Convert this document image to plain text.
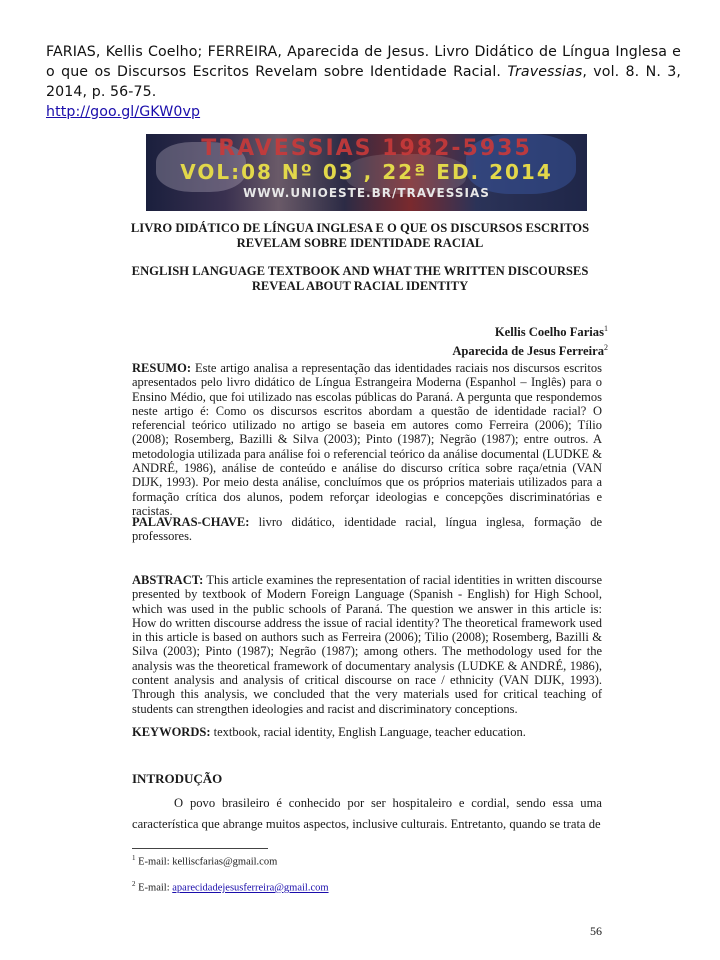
FARIAS, Kellis Coelho; FERREIRA, Aparecida de Jesus. Livro Didático de Língua Inglesa e o que os Discursos Escritos Revelam sobre Identidade Racial. Travessias, vol. 8. N. 3, 2014, p. 56-75.
http://goo.gl/GKW0vp
TRAVESSIAS 1982-5935
VOL:08 Nº 03 , 22ª ED. 2014
WWW.UNIOESTE.BR/TRAVESSIAS
LIVRO DIDÁTICO DE LÍNGUA INGLESA E O QUE OS DISCURSOS ESCRITOS
REVELAM SOBRE IDENTIDADE RACIAL
ENGLISH LANGUAGE TEXTBOOK AND WHAT THE WRITTEN DISCOURSES
REVEAL ABOUT RACIAL IDENTITY
Kellis Coelho Farias$^1$
Aparecida de Jesus Ferreira$^2$
RESUMO: Este artigo analisa a representação das identidades raciais nos discursos escritos apresentados pelo livro didático de Língua Estrangeira Moderna (Espanhol – Inglês) para o Ensino Médio, que foi utilizado nas escolas públicas do Paraná. A pergunta que respondemos neste artigo é: Como os discursos escritos abordam a questão de identidade racial? O referencial teórico utilizado no artigo se baseia em autores como Ferreira (2006); Tílio (2008); Rosemberg, Bazilli & Silva (2003); Pinto (1987); Negrão (1987); entre outros. A metodologia utilizada para análise foi o referencial teórico da análise documental (LUDKE & ANDRÉ, 1986), análise de conteúdo e análise do discurso crítica sobre raça/etnia (VAN DIJK, 1993). Por meio desta análise, concluímos que os próprios materiais utilizados para a formação crítica dos alunos, podem reforçar ideologias e concepções discriminatórias e racistas.
PALAVRAS-CHAVE: livro didático, identidade racial, língua inglesa, formação de professores.
ABSTRACT: This article examines the representation of racial identities in written discourse presented by textbook of Modern Foreign Language (Spanish - English) for High School, which was used in the public schools of Paraná. The question we answer in this article is: How do written discourse address the issue of racial identity? The theoretical framework used in this article is based on authors such as Ferreira (2006); Tilio (2008); Rosemberg, Bazilli & Silva (2003); Pinto (1987); Negrão (1987); among others. The methodology used for the analysis was the theoretical framework of documentary analysis (LUDKE & ANDRÉ, 1986), content analysis and analysis of critical discourse on race / ethnicity (VAN DIJK, 1993). Through this analysis, we concluded that the very materials used for critical teaching of students can strengthen ideologies and racist and discriminatory conceptions.
KEYWORDS: textbook, racial identity, English Language, teacher education.
INTRODUÇÃO
O povo brasileiro é conhecido por ser hospitaleiro e cordial, sendo essa uma característica que abrange muitos aspectos, inclusive culturais. Entretanto, quando se trata de
$^1$ E-mail: kelliscfarias@gmail.com
$^2$ E-mail: aparecidadejesusferreira@gmail.com
56
